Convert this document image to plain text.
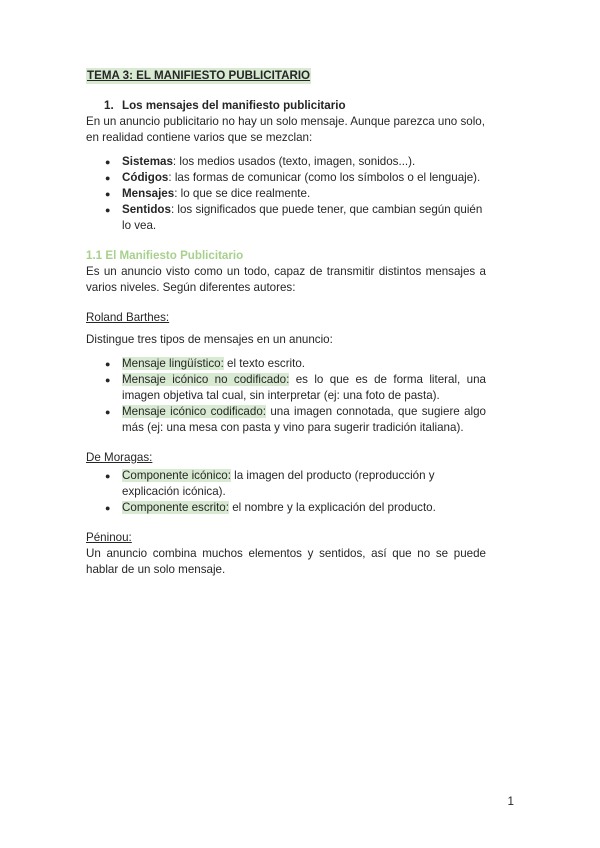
TEMA 3: EL MANIFIESTO PUBLICITARIO
1. Los mensajes del manifiesto publicitario

En un anuncio publicitario no hay un solo mensaje. Aunque parezca uno solo, en realidad contiene varios que se mezclan:

● Sistemas: los medios usados (texto, imagen, sonidos...).
● Códigos: las formas de comunicar (como los símbolos o el lenguaje).
● Mensajes: lo que se dice realmente.
● Sentidos: los significados que puede tener, que cambian según quién lo vea.
1.1 El Manifiesto Publicitario

Es un anuncio visto como un todo, capaz de transmitir distintos mensajes a varios niveles. Según diferentes autores:

Roland Barthes:

Distingue tres tipos de mensajes en un anuncio:

● Mensaje lingüístico: el texto escrito.
● Mensaje icónico no codificado: es lo que es de forma literal, una imagen objetiva tal cual, sin interpretar (ej: una foto de pasta).
● Mensaje icónico codificado: una imagen connotada, que sugiere algo más (ej: una mesa con pasta y vino para sugerir tradición italiana).
De Moragas:
● Componente icónico: la imagen del producto (reproducción y explicación icónica).
● Componente escrito: el nombre y la explicación del producto.
Péninou:

Un anuncio combina muchos elementos y sentidos, así que no se puede hablar de un solo mensaje.

1
